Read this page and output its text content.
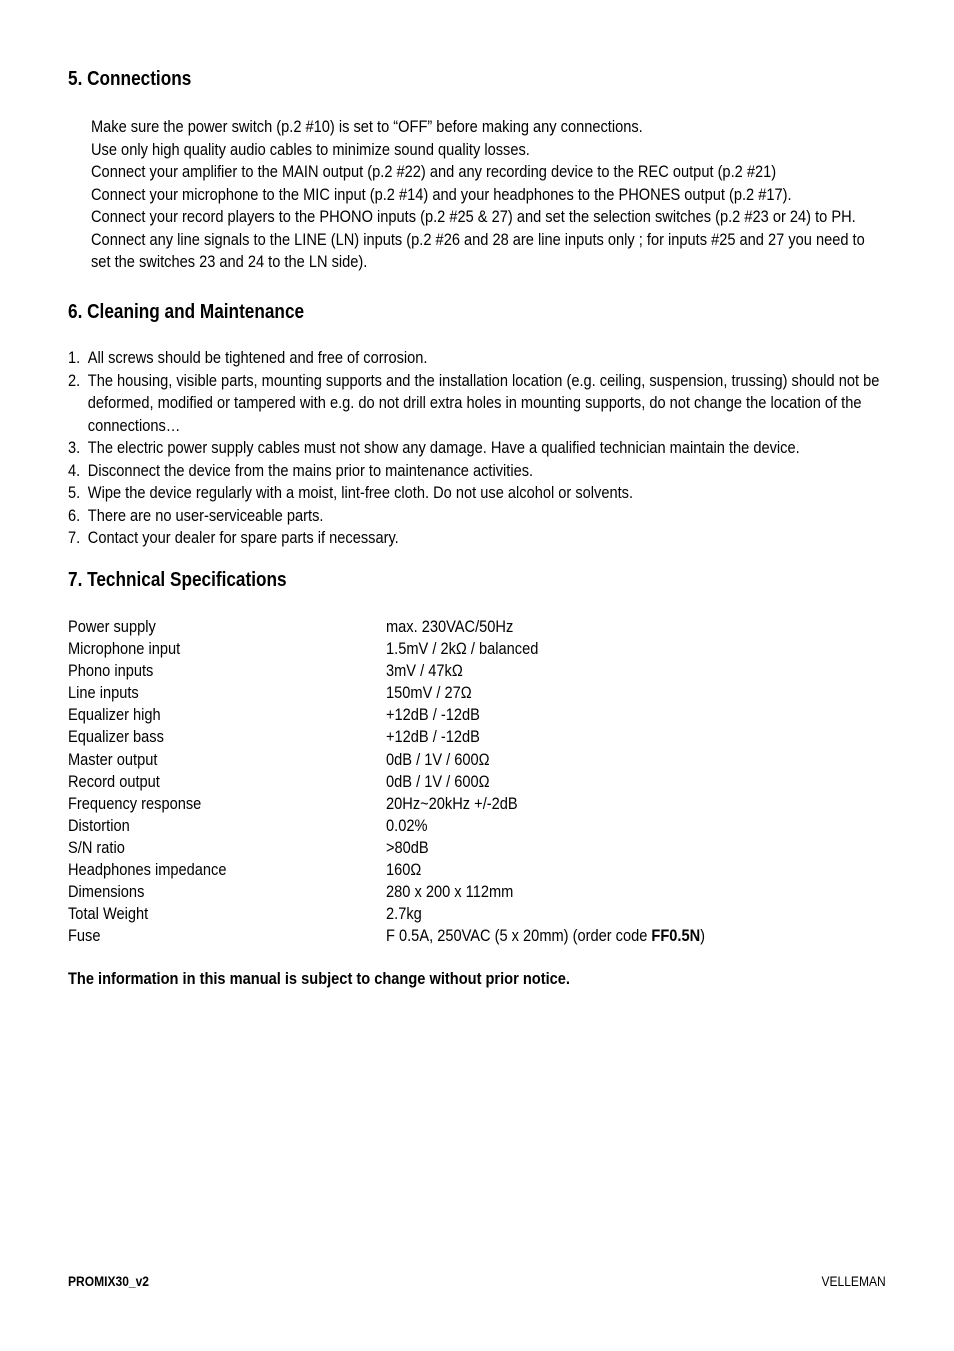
5. Connections

Make sure the power switch (p.2 #10) is set to “OFF” before making any connections.

Use only high quality audio cables to minimize sound quality losses.

Connect your amplifier to the MAIN output (p.2 #22) and any recording device to the REC output (p.2 #21)

Connect your microphone to the MIC input (p.2 #14) and your headphones to the PHONES output (p.2 #17).

Connect your record players to the PHONO inputs (p.2 #25 & 27) and set the selection switches (p.2 #23 or 24) to PH.

Connect any line signals to the LINE (LN) inputs (p.2 #26 and 28 are line inputs only ; for inputs #25 and 27 you need to set the switches 23 and 24 to the LN side).

6. Cleaning and Maintenance
1. All screws should be tightened and free of corrosion.
2. The housing, visible parts, mounting supports and the installation location (e.g. ceiling, suspension, trussing) should not be deformed, modified or tampered with e.g. do not drill extra holes in mounting supports, do not change the location of the connections…
3. The electric power supply cables must not show any damage. Have a qualified technician maintain the device.
4. Disconnect the device from the mains prior to maintenance activities.
5. Wipe the device regularly with a moist, lint-free cloth. Do not use alcohol or solvents.
6. There are no user-serviceable parts.
7. Contact your dealer for spare parts if necessary.
7. Technical Specifications
Power supply	max. 230VAC/50Hz
Microphone input	1.5mV / 2kΩ / balanced
Phono inputs	3mV / 47kΩ
Line inputs	150mV / 27Ω
Equalizer high	+12dB / -12dB
Equalizer bass	+12dB / -12dB
Master output	0dB / 1V / 600Ω
Record output	0dB / 1V / 600Ω
Frequency response	20Hz~20kHz +/-2dB
Distortion	0.02%
S/N ratio	>80dB
Headphones impedance	160Ω
Dimensions	280 x 200 x 112mm
Total Weight	2.7kg
Fuse	F 0.5A, 250VAC (5 x 20mm) (order code FF0.5N)

The information in this manual is subject to change without prior notice.

PROMIX30_v2	VELLEMAN
